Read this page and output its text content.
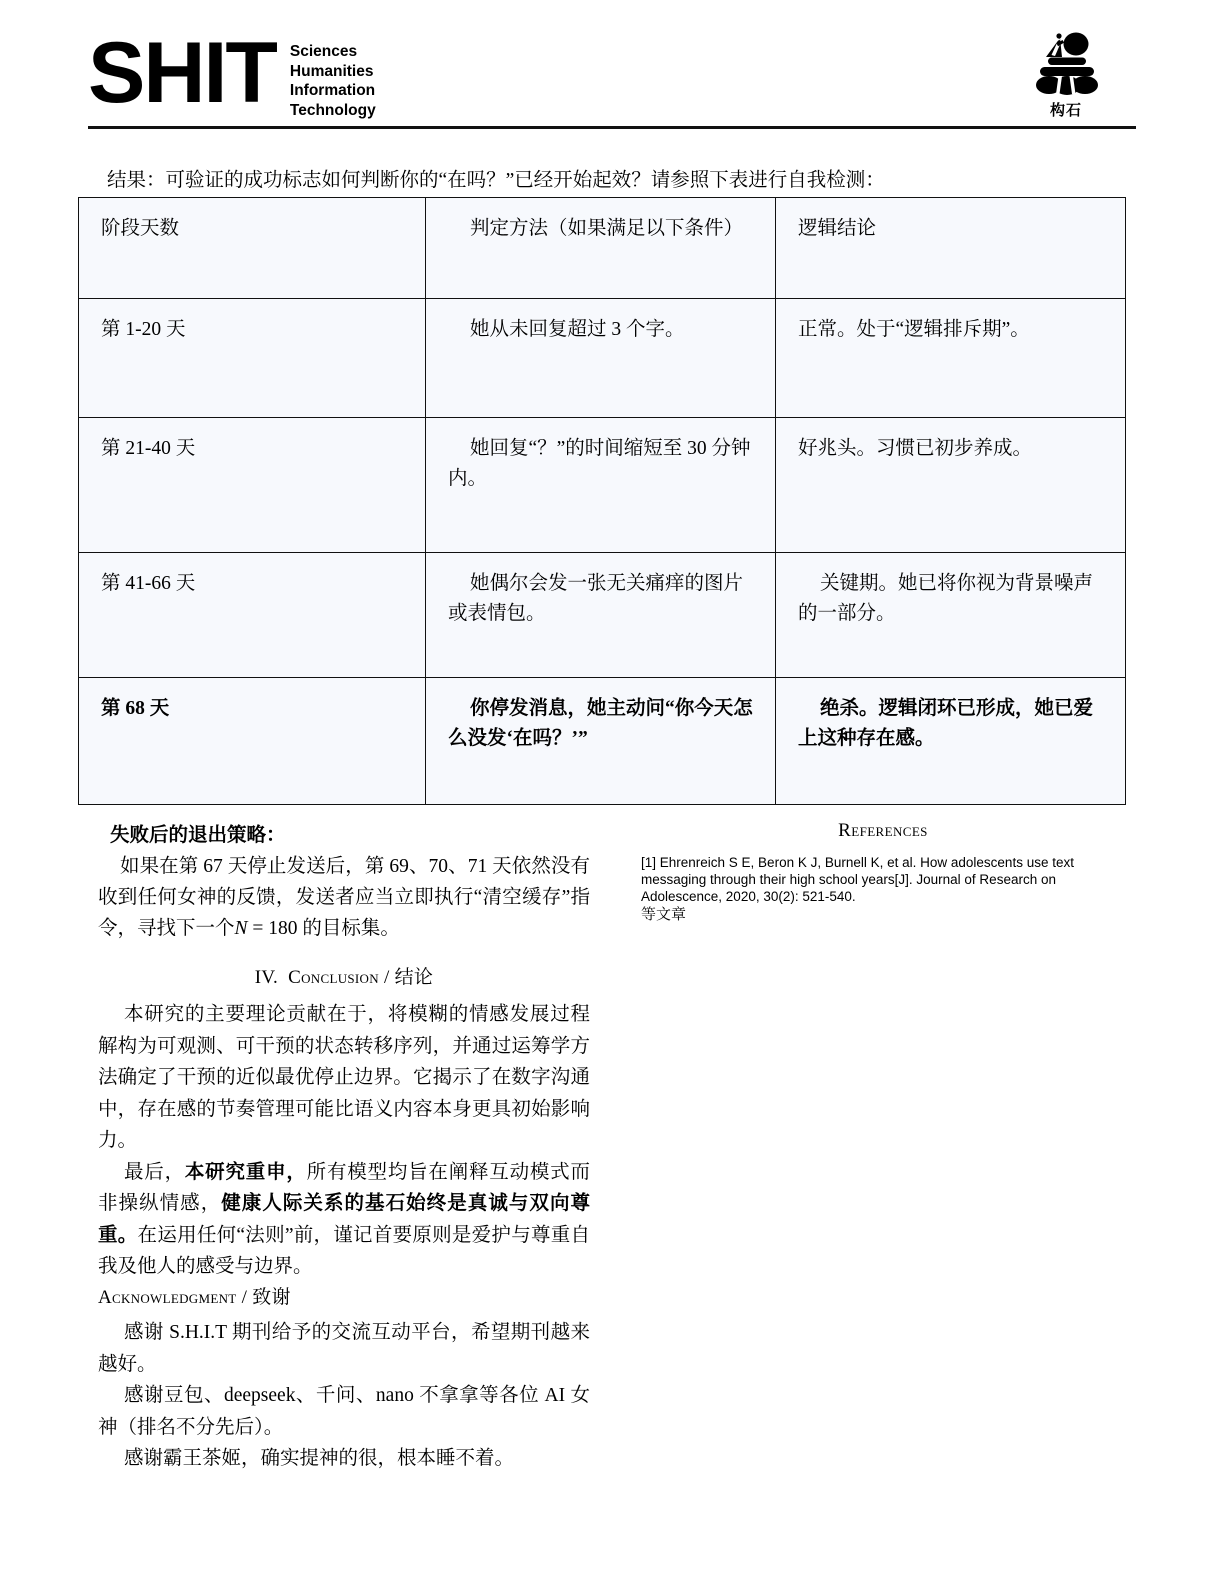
SHIT Sciences
Humanities
Information
Technology	构石
结果：可验证的成功标志如何判断你的“在吗？”已经开始起效？请参照下表进行自我检测：
阶段天数	判定方法（如果满足以下条件）	逻辑结论
第 1-20 天	她从未回复超过 3 个字。	正常。处于“逻辑排斥期”。
第 21-40 天	她回复“？”的时间缩短至 30 分钟内。	好兆头。习惯已初步养成。
第 41-66 天	她偶尔会发一张无关痛痒的图片或表情包。	关键期。她已将你视为背景噪声的一部分。
第 68 天	你停发消息，她主动问“你今天怎么没发‘在吗？’”	绝杀。逻辑闭环已形成，她已爱上这种存在感。
失败后的退出策略：
如果在第 67 天停止发送后，第 69、70、71 天依然没有收到任何女神的反馈，发送者应当立即执行“清空缓存”指令，寻找下一个N = 180 的目标集。
References

[1] Ehrenreich S E, Beron K J, Burnell K, et al. How adolescents use text messaging through their high school years[J]. Journal of Research on Adolescence, 2020, 30(2): 521-540.

等文章

IV. Conclusion / 结论

本研究的主要理论贡献在于，将模糊的情感发展过程解构为可观测、可干预的状态转移序列，并通过运筹学方法确定了干预的近似最优停止边界。它揭示了在数字沟通中，存在感的节奏管理可能比语义内容本身更具初始影响力。

最后，本研究重申，所有模型均旨在阐释互动模式而非操纵情感，健康人际关系的基石始终是真诚与双向尊重。在运用任何“法则”前，谨记首要原则是爱护与尊重自我及他人的感受与边界。

Acknowledgment / 致谢

感谢 S.H.I.T 期刊给予的交流互动平台，希望期刊越来越好。

感谢豆包、deepseek、千问、nano 不拿拿等各位 AI 女神（排名不分先后）。

感谢霸王茶姬，确实提神的很，根本睡不着。
